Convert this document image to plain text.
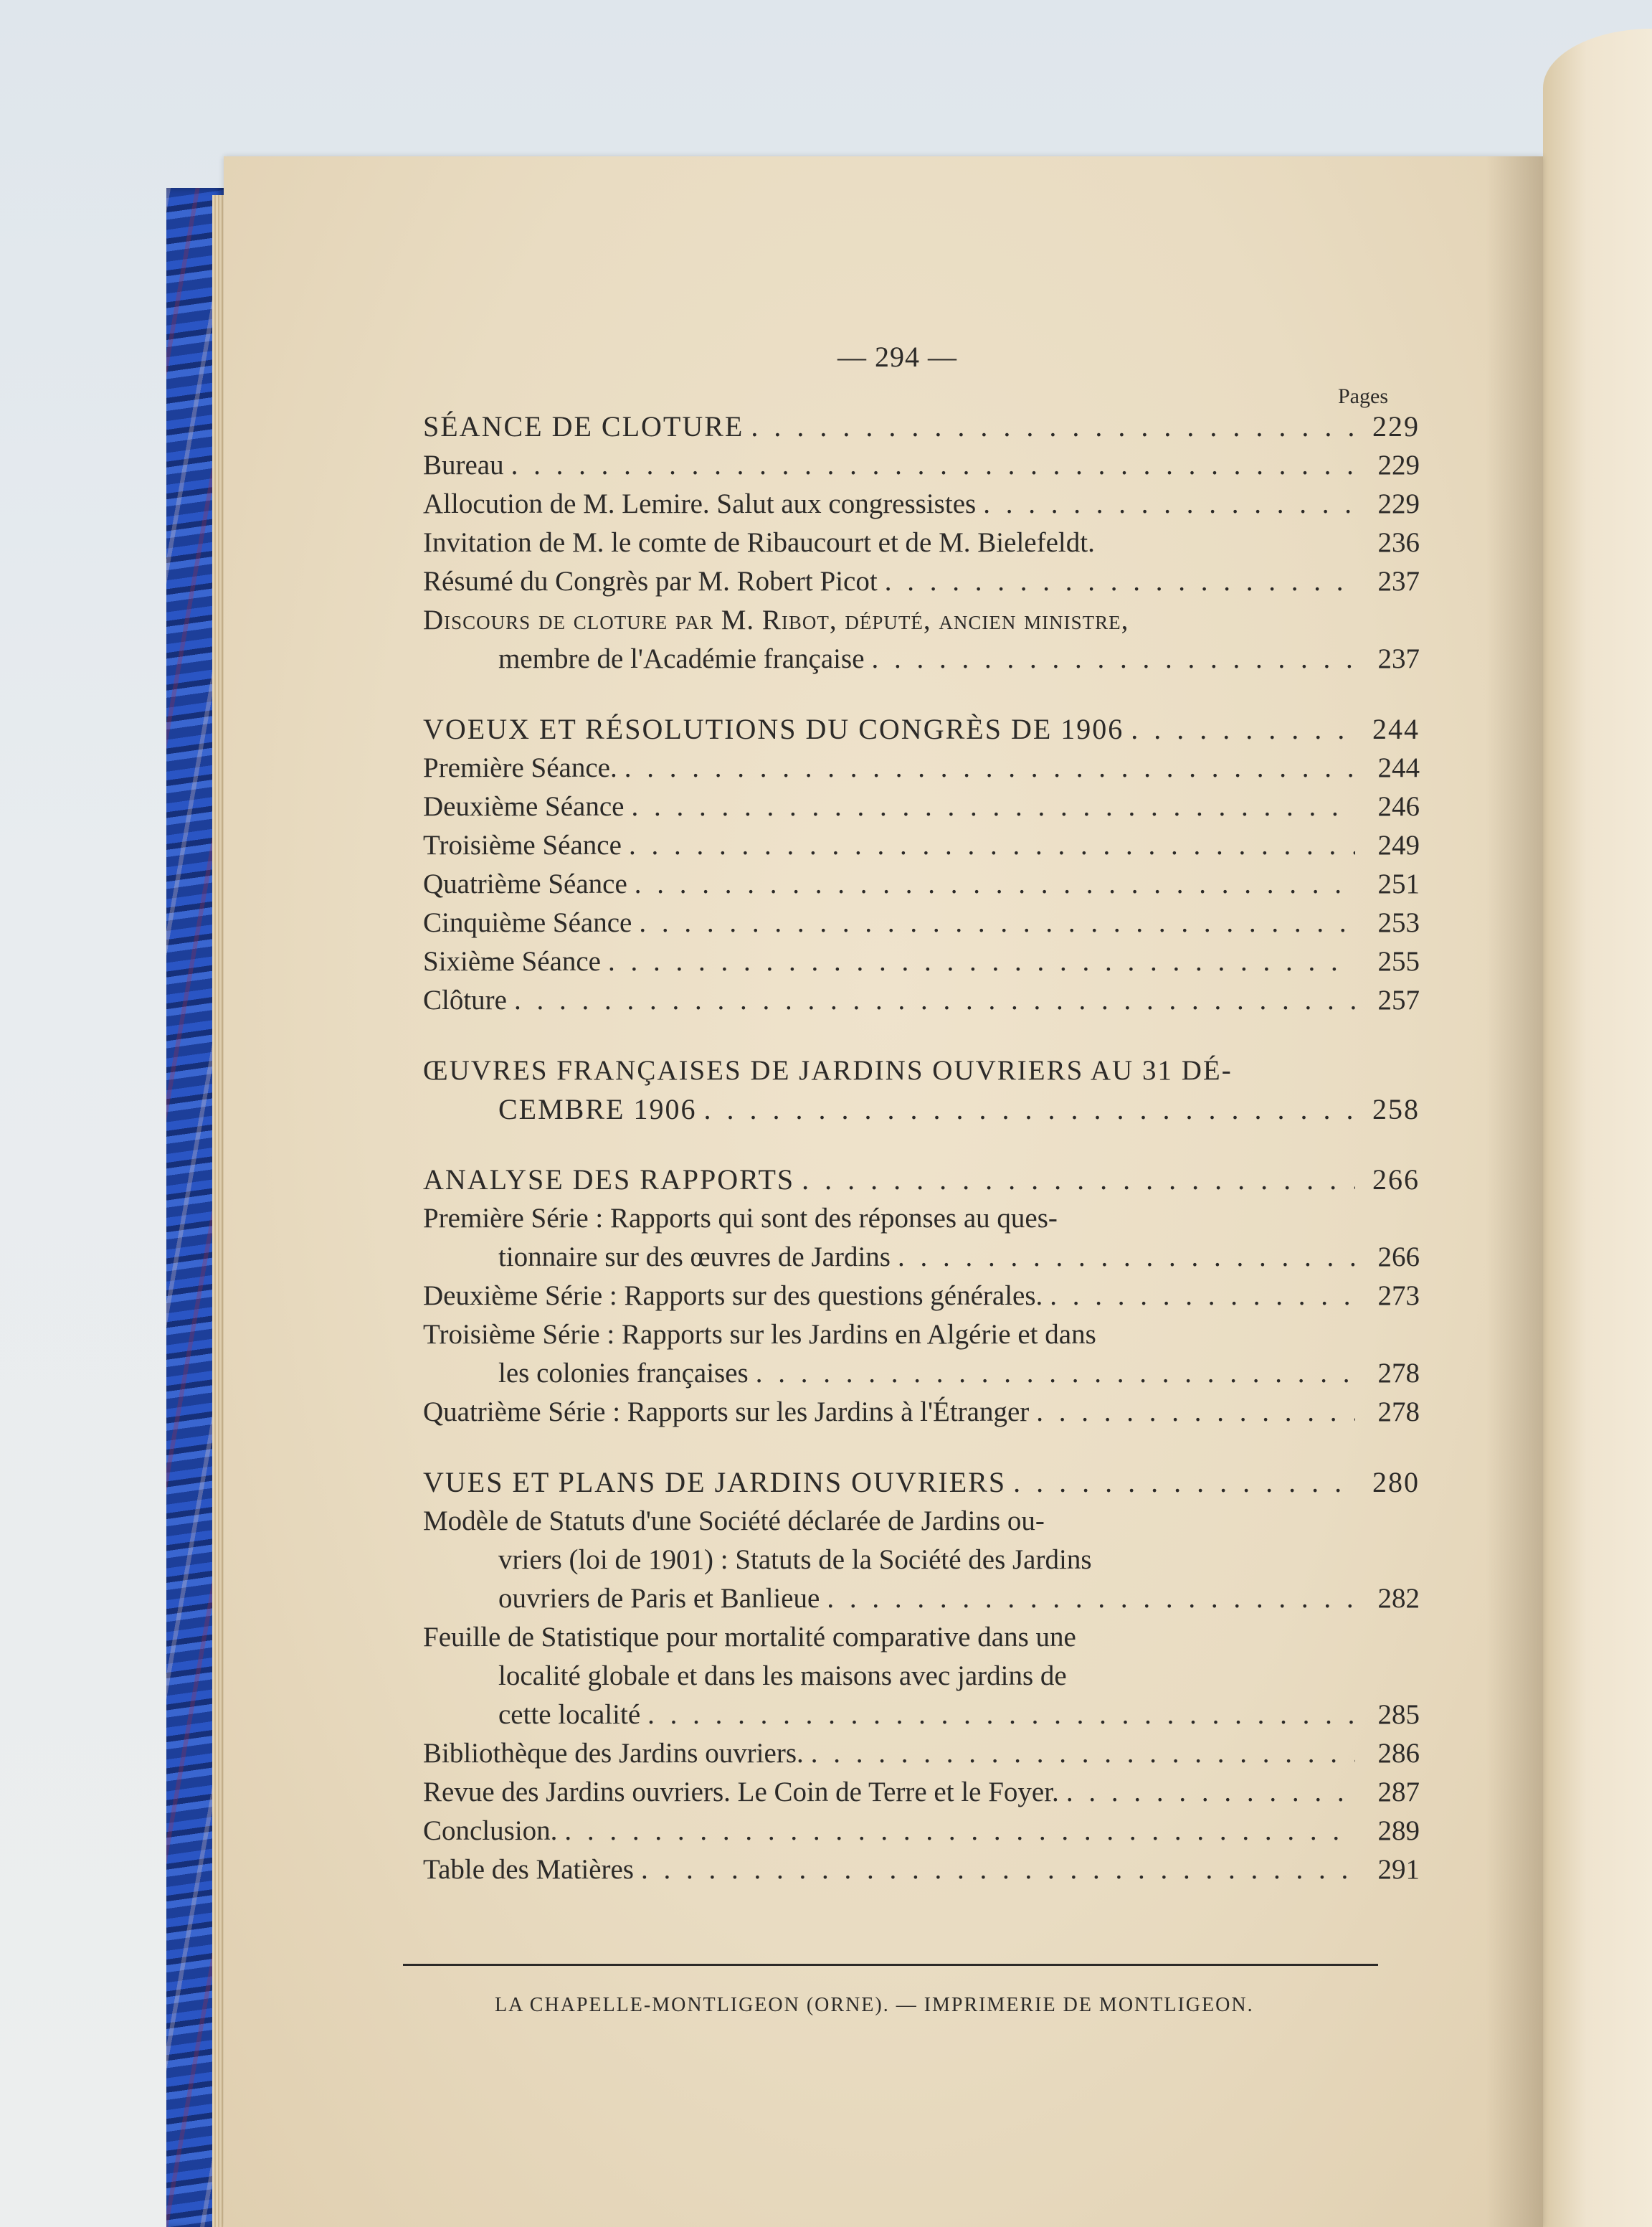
— 294 —
Pages
SÉANCE DE CLOTURE . . .	229
Bureau . . .	229
Allocution de M. Lemire. Salut aux congressistes . . .	229
Invitation de M. le comte de Ribaucourt et de M. Bielefeldt.	236
Résumé du Congrès par M. Robert Picot . . .	237
Discours de cloture par M. Ribot, député, ancien ministre,
membre de l'Académie française . . .	237
VOEUX ET RÉSOLUTIONS DU CONGRÈS DE 1906 . . .	244
Première Séance. . . .	244
Deuxième Séance . . .	246
Troisième Séance . . .	249
Quatrième Séance . . .	251
Cinquième Séance . . .	253
Sixième Séance . . .	255
Clôture . . .	257
ŒUVRES FRANÇAISES DE JARDINS OUVRIERS AU 31 DÉ-
CEMBRE 1906 . . .	258
ANALYSE DES RAPPORTS . . .	266
Première Série : Rapports qui sont des réponses au ques-
tionnaire sur des œuvres de Jardins . . .	266
Deuxième Série : Rapports sur des questions générales. . . .	273
Troisième Série : Rapports sur les Jardins en Algérie et dans
les colonies françaises . . .	278
Quatrième Série : Rapports sur les Jardins à l'Étranger . . .	278
VUES ET PLANS DE JARDINS OUVRIERS . . .	280
Modèle de Statuts d'une Société déclarée de Jardins ou-
vriers (loi de 1901) : Statuts de la Société des Jardins
ouvriers de Paris et Banlieue . . .	282
Feuille de Statistique pour mortalité comparative dans une
localité globale et dans les maisons avec jardins de
cette localité . . .	285
Bibliothèque des Jardins ouvriers. . . .	286
Revue des Jardins ouvriers. Le Coin de Terre et le Foyer. . . .	287
Conclusion. . . .	289
Table des Matières . . .	291
LA CHAPELLE-MONTLIGEON (ORNE). — IMPRIMERIE DE MONTLIGEON.
